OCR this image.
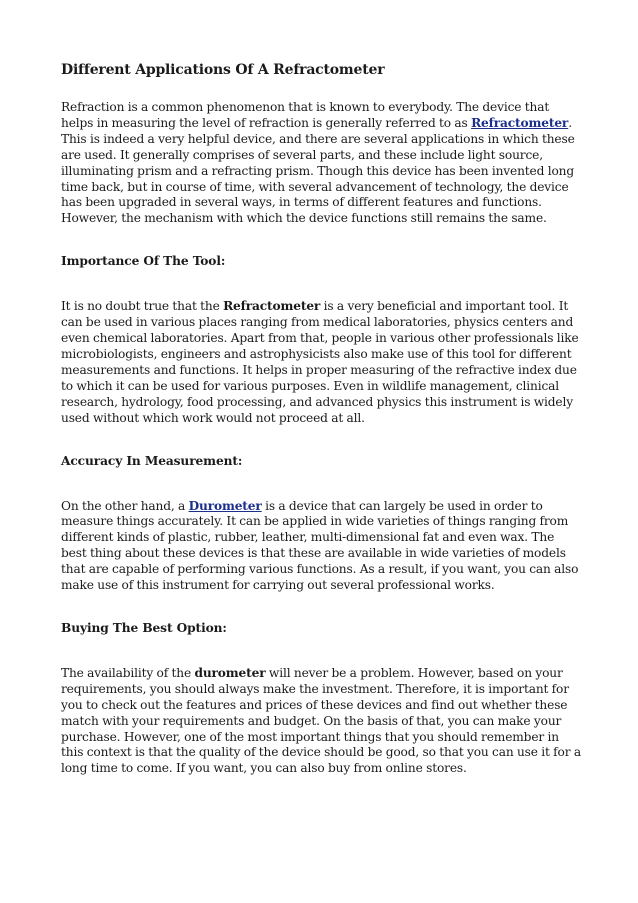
Different Applications Of A Refractometer

Refraction is a common phenomenon that is known to everybody. The device that helps in measuring the level of refraction is generally referred to as Refractometer. This is indeed a very helpful device, and there are several applications in which these are used. It generally comprises of several parts, and these include light source, illuminating prism and a refracting prism. Though this device has been invented long time back, but in course of time, with several advancement of technology, the device has been upgraded in several ways, in terms of different features and functions. However, the mechanism with which the device functions still remains the same.

Importance Of The Tool:

It is no doubt true that the Refractometer is a very beneficial and important tool. It can be used in various places ranging from medical laboratories, physics centers and even chemical laboratories. Apart from that, people in various other professionals like microbiologists, engineers and astrophysicists also make use of this tool for different measurements and functions. It helps in proper measuring of the refractive index due to which it can be used for various purposes. Even in wildlife management, clinical research, hydrology, food processing, and advanced physics this instrument is widely used without which work would not proceed at all.

Accuracy In Measurement:

On the other hand, a Durometer is a device that can largely be used in order to measure things accurately. It can be applied in wide varieties of things ranging from different kinds of plastic, rubber, leather, multi-dimensional fat and even wax. The best thing about these devices is that these are available in wide varieties of models that are capable of performing various functions. As a result, if you want, you can also make use of this instrument for carrying out several professional works.

Buying The Best Option:

The availability of the durometer will never be a problem. However, based on your requirements, you should always make the investment. Therefore, it is important for you to check out the features and prices of these devices and find out whether these match with your requirements and budget. On the basis of that, you can make your purchase. However, one of the most important things that you should remember in this context is that the quality of the device should be good, so that you can use it for a long time to come. If you want, you can also buy from online stores.
